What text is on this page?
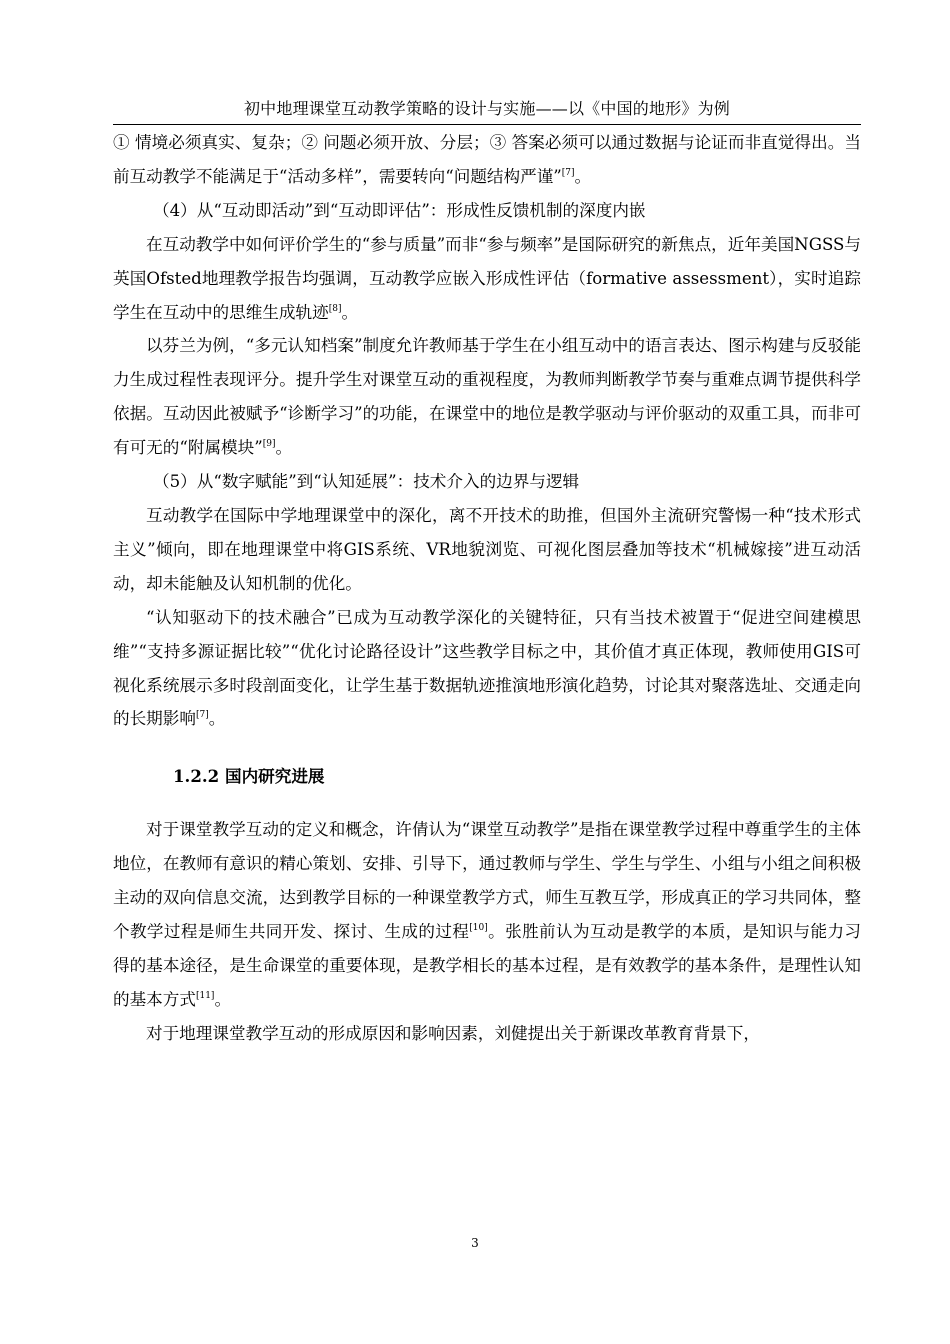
初中地理课堂互动教学策略的设计与实施——以《中国的地形》为例

① 情境必须真实、复杂；② 问题必须开放、分层；③ 答案必须可以通过数据与论证而非直觉得出。当前互动教学不能满足于“活动多样”，需要转向“问题结构严谨”[7]。

（4）从“互动即活动”到“互动即评估”：形成性反馈机制的深度内嵌

在互动教学中如何评价学生的“参与质量”而非“参与频率”是国际研究的新焦点，近年美国NGSS与英国Ofsted地理教学报告均强调，互动教学应嵌入形成性评估（formative assessment），实时追踪学生在互动中的思维生成轨迹[8]。

以芬兰为例，“多元认知档案”制度允许教师基于学生在小组互动中的语言表达、图示构建与反驳能力生成过程性表现评分。提升学生对课堂互动的重视程度，为教师判断教学节奏与重难点调节提供科学依据。互动因此被赋予“诊断学习”的功能，在课堂中的地位是教学驱动与评价驱动的双重工具，而非可有可无的“附属模块”[9]。

（5）从“数字赋能”到“认知延展”：技术介入的边界与逻辑

互动教学在国际中学地理课堂中的深化，离不开技术的助推，但国外主流研究警惕一种“技术形式主义”倾向，即在地理课堂中将GIS系统、VR地貌浏览、可视化图层叠加等技术“机械嫁接”进互动活动，却未能触及认知机制的优化。

“认知驱动下的技术融合”已成为互动教学深化的关键特征，只有当技术被置于“促进空间建模思维”“支持多源证据比较”“优化讨论路径设计”这些教学目标之中，其价值才真正体现，教师使用GIS可视化系统展示多时段剖面变化，让学生基于数据轨迹推演地形演化趋势，讨论其对聚落选址、交通走向的长期影响[7]。

1.2.2 国内研究进展

对于课堂教学互动的定义和概念，许倩认为“课堂互动教学”是指在课堂教学过程中尊重学生的主体地位，在教师有意识的精心策划、安排、引导下，通过教师与学生、学生与学生、小组与小组之间积极主动的双向信息交流，达到教学目标的一种课堂教学方式，师生互教互学，形成真正的学习共同体，整个教学过程是师生共同开发、探讨、生成的过程[10]。张胜前认为互动是教学的本质，是知识与能力习得的基本途径，是生命课堂的重要体现，是教学相长的基本过程，是有效教学的基本条件，是理性认知的基本方式[11]。

对于地理课堂教学互动的形成原因和影响因素，刘健提出关于新课改革教育背景下，

3
